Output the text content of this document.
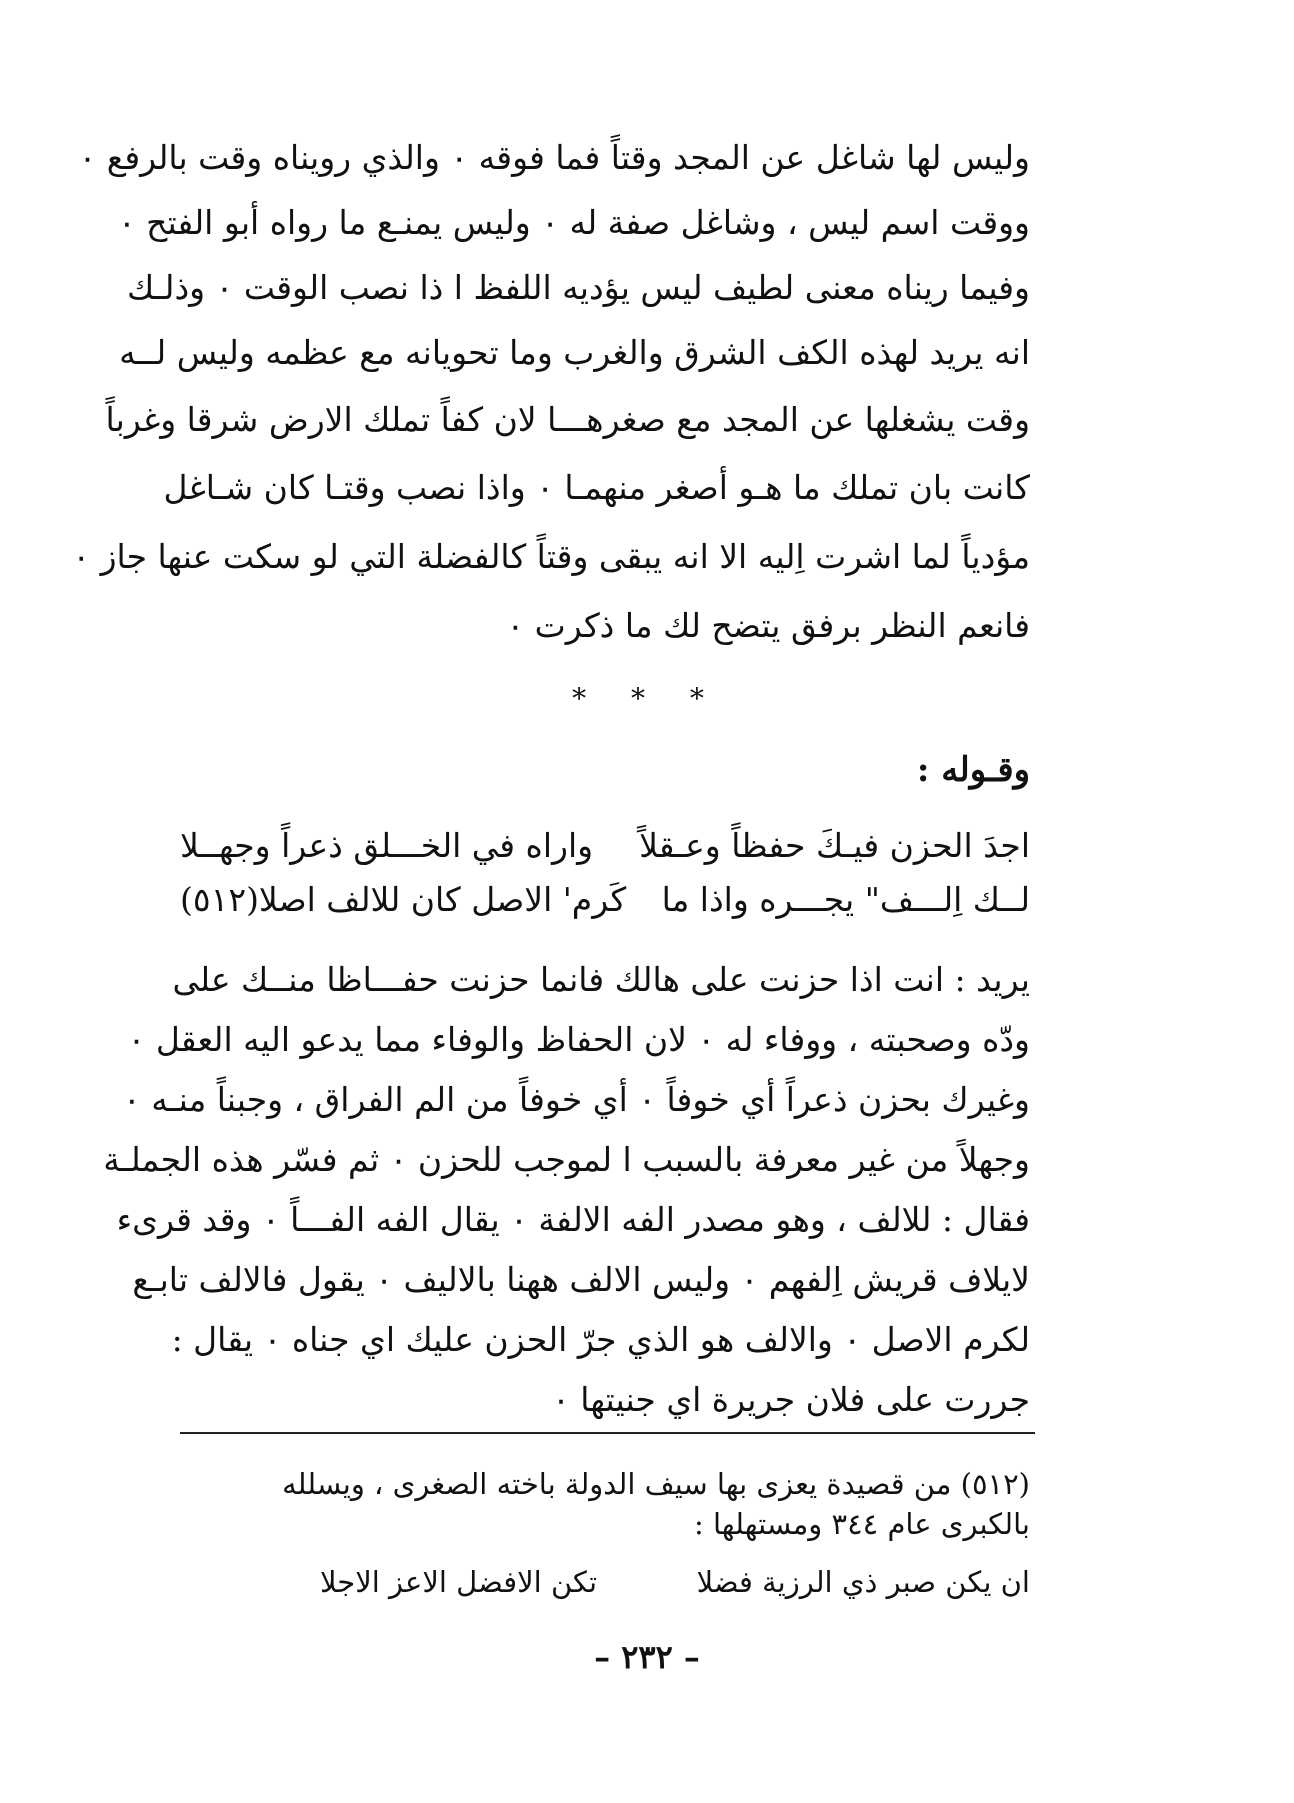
وليس لها شاغل عن المجد وقتاً فما فوقه ٠ والذي رويناه وقت بالرفع ٠
ووقت اسم ليس ، وشاغل صفة له ٠ وليس يمنـع ما رواه أبو الفتح ٠
وفيما ريناه معنى لطيف ليس يؤديه اللفظ ا ذا نصب الوقت ٠ وذلـك
انه يريد لهذه الكف الشرق والغرب وما تحويانه مع عظمه وليس لــه
وقت يشغلها عن المجد مع صغرهـــا لان كفاً تملك الارض شرقا وغرباً
كانت بان تملك ما هـو أصغر منهمـا ٠ واذا نصب وقتـا كان شـاغل
مؤدياً لما اشرت اِليه الا انه يبقى وقتاً كالفضلة التي لو سكت عنها جاز ٠
فانعم النظر برفق يتضح لك ما ذكرت ٠
* * *
وقـوله :
اجدَ الحزن فيـكَ حفظاً وعـقلاً
واراه في الخـــلق ذعراً وجهــلا
لــك اِلـــف" يجـــره واذا ما
كَرم' الاصل كان للالف اصلا(٥١٢)
يريد : انت اذا حزنت على هالك فانما حزنت حفـــاظا منــك على
ودّه وصحبته ، ووفاء له ٠ لان الحفاظ والوفاء مما يدعو اليه العقل ٠
وغيرك بحزن ذعراً أي خوفاً ٠ أي خوفاً من الم الفراق ، وجبناً منـه ٠
وجهلاً من غير معرفة بالسبب ا لموجب للحزن ٠ ثم فسّر هذه الجملـة
فقال : للالف ، وهو مصدر الفه الالفة ٠ يقال الفه الفـــاً ٠ وقد قرىء
لايلاف قريش اِلفهم ٠ وليس الالف ههنا بالاليف ٠ يقول فالالف تابـع
لكرم الاصل ٠ والالف هو الذي جرّ الحزن عليك اي جناه ٠ يقال :
جررت على فلان جريرة اي جنيتها ٠
(٥١٢) من قصيدة يعزى بها سيف الدولة باخته الصغرى ، ويسلله
بالكبرى عام ٣٤٤ ومستهلها :
ان يكن صبر ذي الرزية فضلا
تكن الافضل الاعز الاجلا
– ٢٣٢ –
